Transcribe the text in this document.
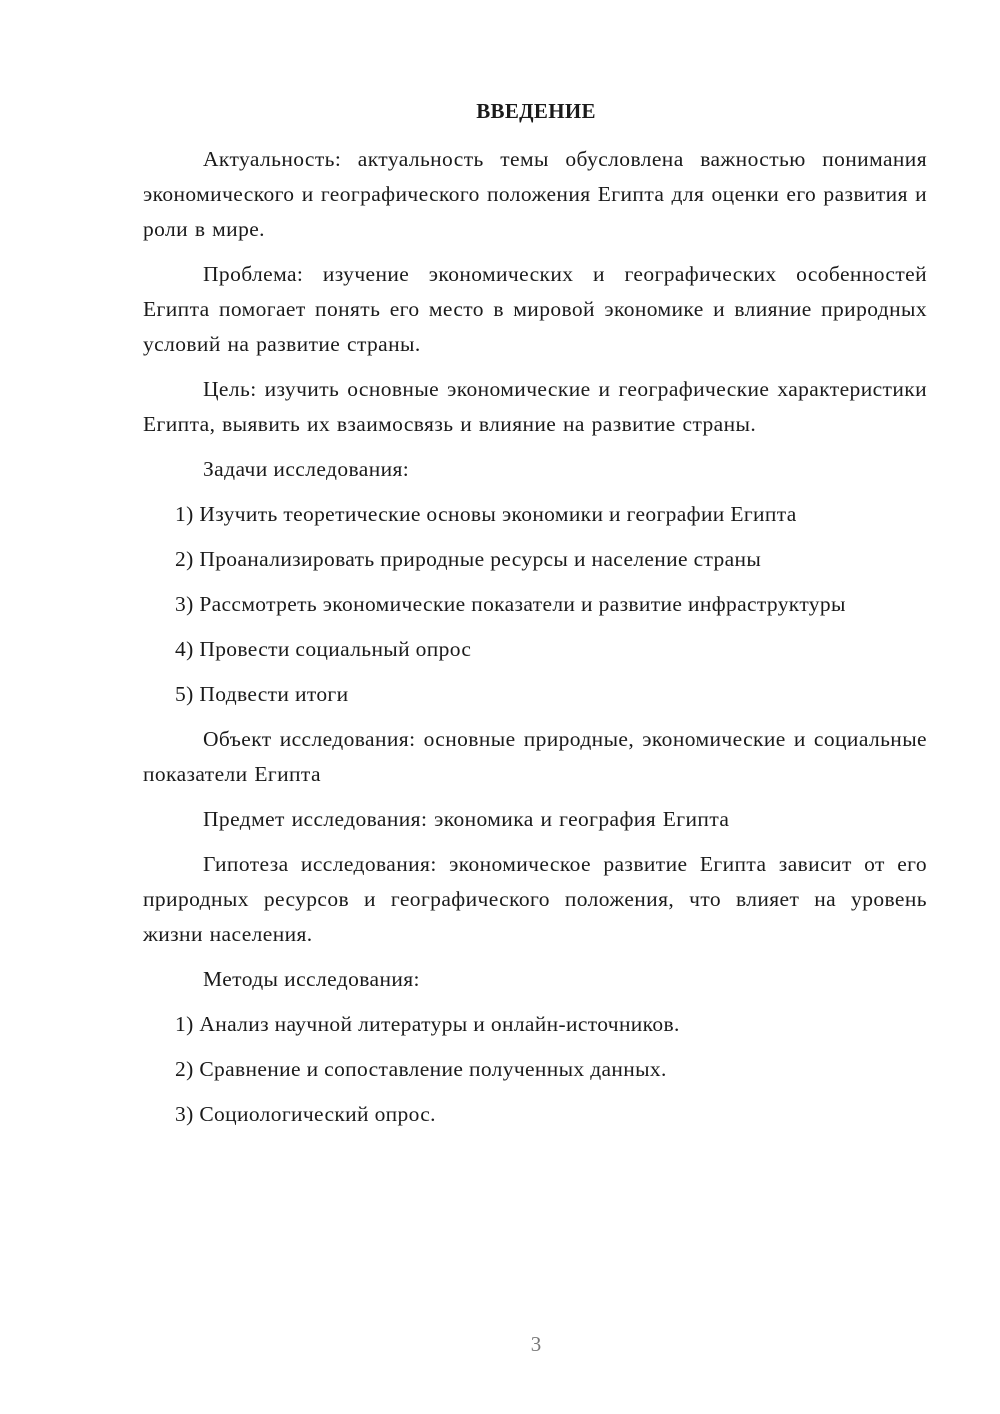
ВВЕДЕНИЕ

Актуальность: актуальность темы обусловлена важностью понимания экономического и географического положения Египта для оценки его развития и роли в мире.

Проблема: изучение экономических и географических особенностей Египта помогает понять его место в мировой экономике и влияние природных условий на развитие страны.

Цель: изучить основные экономические и географические характеристики Египта, выявить их взаимосвязь и влияние на развитие страны.

Задачи исследования:

1) Изучить теоретические основы экономики и географии Египта
2) Проанализировать природные ресурсы и население страны
3) Рассмотреть экономические показатели и развитие инфраструктуры
4) Провести социальный опрос
5) Подвести итоги

Объект исследования: основные природные, экономические и социальные показатели Египта

Предмет исследования: экономика и география Египта

Гипотеза исследования: экономическое развитие Египта зависит от его природных ресурсов и географического положения, что влияет на уровень жизни населения.

Методы исследования:

1) Анализ научной литературы и онлайн-источников.
2) Сравнение и сопоставление полученных данных.
3) Социологический опрос.
3
